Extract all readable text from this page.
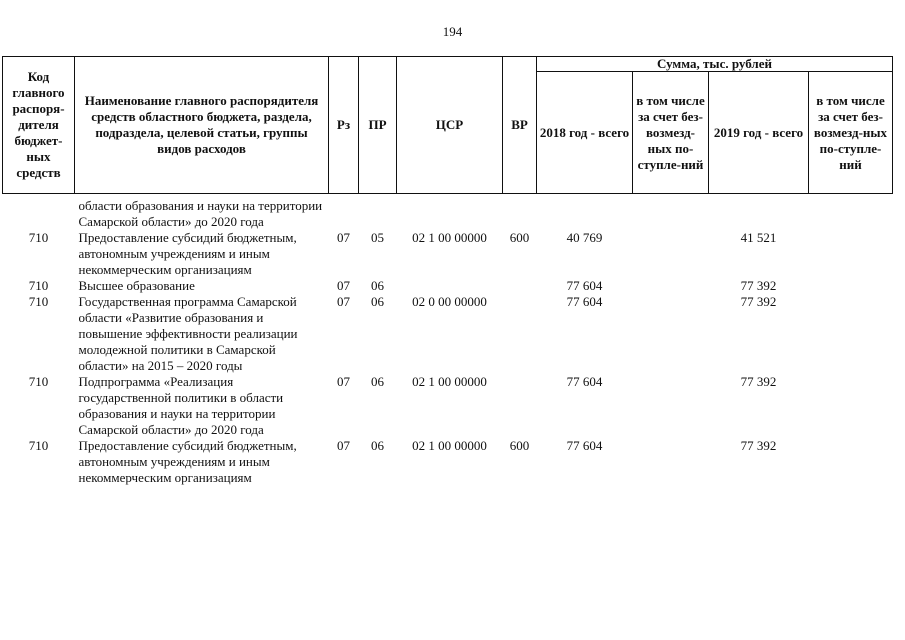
194
Код главного распоря-дителя бюджет-ных средств	Наименование главного распорядителя средств областного бюджета, раздела, подраздела, целевой статьи, группы видов расходов	Рз	ПР	ЦСР	ВР	Сумма, тыс. рублей			
						2018 год - всего	в том числе за счет без-возмезд-ных по-ступле-ний	2019 год - всего	в том числе за счет без-возмезд-ных по-ступле-ний
	области образования и науки на территории Самарской области» до 2020 года								
710	Предоставление субсидий бюджетным, автономным учреждениям и иным некоммерческим организациям	07	05	02 1 00 00000	600	40 769		41 521	
710	Высшее образование	07	06			77 604		77 392	
710	Государственная программа Самарской области «Развитие образования и повышение эффективности реализации молодежной политики в Самарской области» на 2015 – 2020 годы	07	06	02 0 00 00000		77 604		77 392	
710	Подпрограмма «Реализация государственной политики в области образования и науки на территории Самарской области» до 2020 года	07	06	02 1 00 00000		77 604		77 392	
710	Предоставление субсидий бюджетным, автономным учреждениям и иным некоммерческим организациям	07	06	02 1 00 00000	600	77 604		77 392	
